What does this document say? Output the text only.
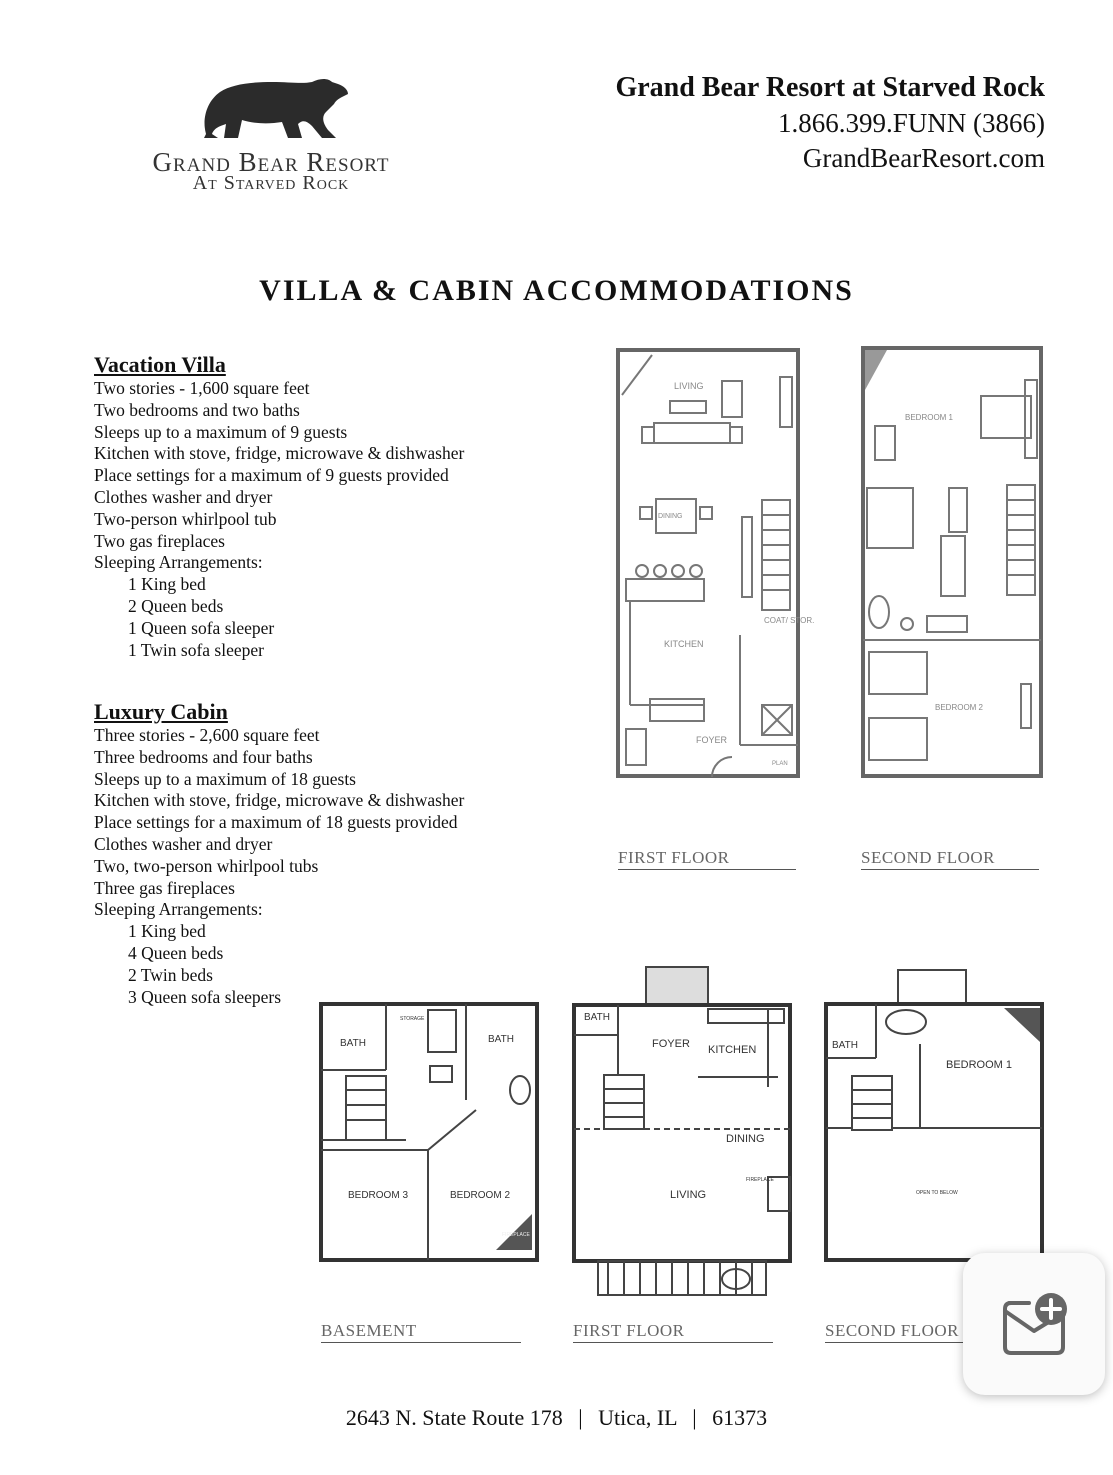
Grand Bear Resort
At Starved Rock
Grand Bear Resort at Starved Rock
1.866.399.FUNN (3866)
GrandBearResort.com
VILLA & CABIN ACCOMMODATIONS
Vacation Villa
Two stories - 1,600 square feet
Two bedrooms and two baths
Sleeps up to a maximum of 9 guests
Kitchen with stove, fridge, microwave & dishwasher
Place settings for a maximum of 9 guests provided
Clothes washer and dryer
Two-person whirlpool tub
Two gas fireplaces
Sleeping Arrangements:
1 King bed
2 Queen beds
1 Queen sofa sleeper
1 Twin sofa sleeper
Luxury Cabin
Three stories - 2,600 square feet
Three bedrooms and four baths
Sleeps up to a maximum of 18 guests
Kitchen with stove, fridge, microwave & dishwasher
Place settings for a maximum of 18 guests provided
Clothes washer and dryer
Two, two-person whirlpool tubs
Three gas fireplaces
Sleeping Arrangements:
1 King bed
4 Queen beds
2 Twin beds
3 Queen sofa sleepers
LIVING
DINING
KITCHEN
COAT/ STOR.
FOYER
PLAN
FIRST FLOOR
BEDROOM 1
BEDROOM 2
SECOND FLOOR
BATH	BATH
STORAGE
BEDROOM 3	BEDROOM 2
FIREPLACE
BASEMENT
BATH
FOYER KITCHEN
DINING
LIVING
FIREPLACE
FIRST FLOOR
BATH
BEDROOM 1
OPEN TO BELOW
SECOND FLOOR
2643 N. State Route 178 | Utica, IL | 61373
